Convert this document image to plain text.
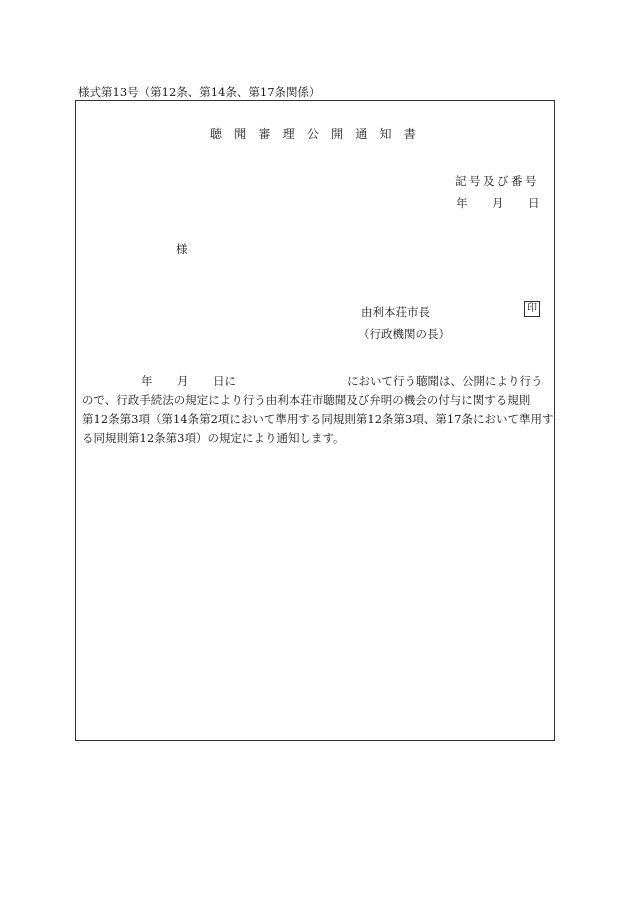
様式第13号（第12条、第14条、第17条関係）
聴 聞 審 理 公 開 通 知 書
記号及び番号
年 月 日
様
由利本荘市長	印
（行政機関の長）
年 月 日に	において行う聴聞は、公開により行う
ので、行政手続法の規定により行う由利本荘市聴聞及び弁明の機会の付与に関する規則
第12条第3項（第14条第2項において準用する同規則第12条第3項、第17条において準用す
る同規則第12条第3項）の規定により通知します。
